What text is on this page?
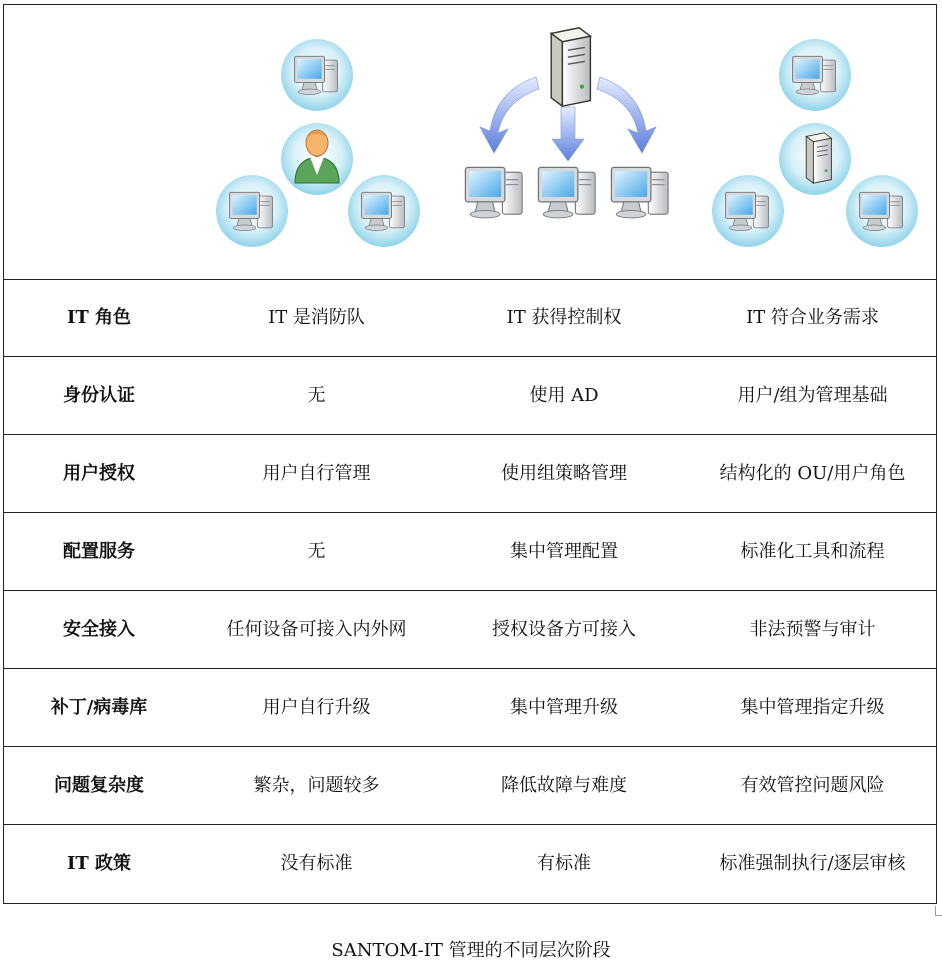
IT 角色	IT 是消防队	IT 获得控制权	IT 符合业务需求
身份认证	无	使用 AD	用户/组为管理基础
用户授权	用户自行管理	使用组策略管理	结构化的 OU/用户角色
配置服务	无	集中管理配置	标准化工具和流程
安全接入	任何设备可接入内外网	授权设备方可接入	非法预警与审计
补丁/病毒库	用户自行升级	集中管理升级	集中管理指定升级
问题复杂度	繁杂，问题较多	降低故障与难度	有效管控问题风险
IT 政策	没有标准	有标准	标准强制执行/逐层审核
SANTOM-IT 管理的不同层次阶段
